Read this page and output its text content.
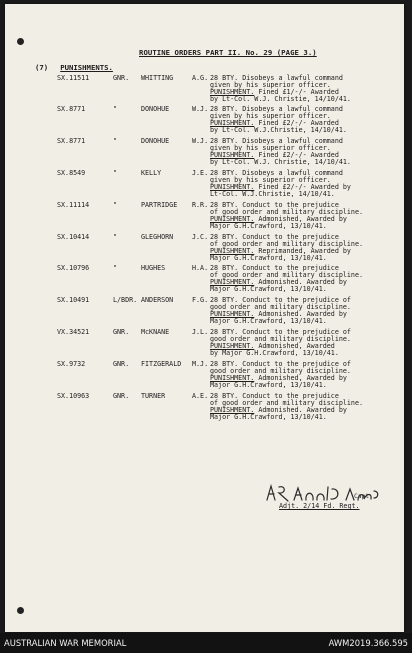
ROUTINE ORDERS PART II. No. 29 (PAGE 3.)
(7) PUNISHMENTS.
SX.11511	GNR. WHITTING	A.G. 28 BTY. Disobeys a lawful command
given by his superior officer.
PUNISHMENT. Fined £1/-/- Awarded
by Lt-Col. W.J. Christie, 14/10/41.
SX.8771	"	DONOHUE	W.J. 28 BTY. Disobeys a lawful command
given by his superior officer.
PUNISHMENT. Fined £2/-/- Awarded
by Lt-Col. W.J.Christie, 14/10/41.
SX.8771	"	DONOHUE	W.J. 28 BTY. Disobeys a lawful command
given by his superior officer.
PUNISHMENT. Fined £2/-/- Awarded
by Lt-Col. W.J. Christie, 14/10/41.
SX.8549	"	KELLY	J.E. 28 BTY. Disobeys a lawful command
given by his superior officer.
PUNISHMENT. Fined £2/-/- Awarded by
Lt-Col. W.J.Christie, 14/10/41.
SX.11114	"	PARTRIDGE R.R. 28 BTY. Conduct to the prejudice
of good order and military discipline.
PUNISHMENT. Admonished, Awarded by
Major G.H.Crawford, 13/10/41.
SX.10414	"	GLEGHORN	J.C. 28 BTY. Conduct to the prejudice
of good order and military discipline.
PUNISHMENT. Reprimanded, Awarded by
Major G.H.Crawford, 13/10/41.
SX.10796	"	HUGHES	H.A. 28 BTY. Conduct to the prejudice
of good order and military discipline.
PUNISHMENT. Admonished. Awarded by
Major G.H.Crawford, 13/10/41.
SX.10491	L/BDR. ANDERSON	F.G. 28 BTY. Conduct to the prejudice of
good order and military discipline.
PUNISHMENT. Admonished. Awarded by
Major G.H.Crawford, 13/10/41.
VX.34521	GNR. McKNANE	J.L. 28 BTY. Conduct to the prejudice of
good order and military discipline.
PUNISHMENT. Admonished, Awarded
by Major G.H.Crawford, 13/10/41.
SX.9732	GNR. FITZGERALD M.J. 28 BTY. Conduct to the prejudice of
good order and military discipline.
PUNISHMENT. Admonished, Awarded by
Major G.H.Crawford, 13/10/41.
SX.10963	GNR. TURNER	A.E. 28 BTY. Conduct to the prejudice
of good order and military discipline.
PUNISHMENT. Admonished. Awarded by
Major G.H.Crawford, 13/10/41.
Capt.
Adjt. 2/14 Fd. Regt.
AUSTRALIAN WAR MEMORIAL	AWM2019.366.595
